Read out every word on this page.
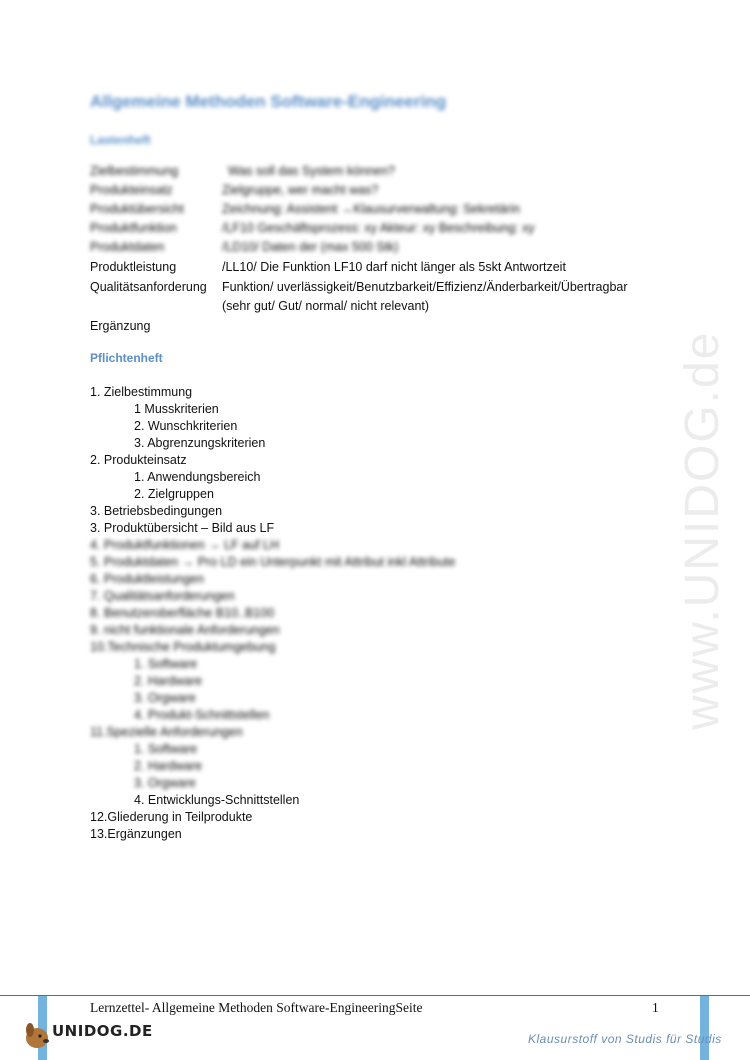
Allgemeine Methoden Software-Engineering
Lastenheft
Zielbestimmung	Was soll das System können?
Produkteinsatz	Zielgruppe, wer macht was?
Produktübersicht	Zeichnung: Assistent →Klausurverwaltung: Sekretärin
Produktfunktion	/LF10 Geschäftsprozess: xy Akteur: xy Beschreibung: xy
Produktdaten	/LD10/ Daten der (max 500 Stk)
Produktleistung	/LL10/ Die Funktion LF10 darf nicht länger als 5skt Antwortzeit
Qualitätsanforderung Funktion/ uverlässigkeit/Benutzbarkeit/Effizienz/Änderbarkeit/Übertragbar
(sehr gut/ Gut/ normal/ nicht relevant)
Ergänzung
Pflichtenheft
1. Zielbestimmung
1 Musskriterien
2. Wunschkriterien
3. Abgrenzungskriterien
2. Produkteinsatz
1. Anwendungsbereich
2. Zielgruppen
3. Betriebsbedingungen
3. Produktübersicht – Bild aus LF
4. Produktfunktionen → LF auf LH
5. Produktdaten → Pro LD ein Unterpunkt mit Attribut inkl Attribute
6. Produktleistungen
7. Qualitätsanforderungen
8. Benutzeroberfläche B10..B100
9. nicht funktionale Anforderungen
10.Technische Produktumgebung
1. Software
2. Hardware
3. Orgware
4. Produkt-Schnittstellen
11.Spezielle Anforderungen
1. Software
2. Hardware
3. Orgware
4. Entwicklungs-Schnittstellen
12.Gliederung in Teilprodukte
13.Ergänzungen
www.UNIDOG.de
Lernzettel- Allgemeine Methoden Software-EngineeringSeite	1
UNIDOG.DE	Klausurstoff von Studis für Studis
